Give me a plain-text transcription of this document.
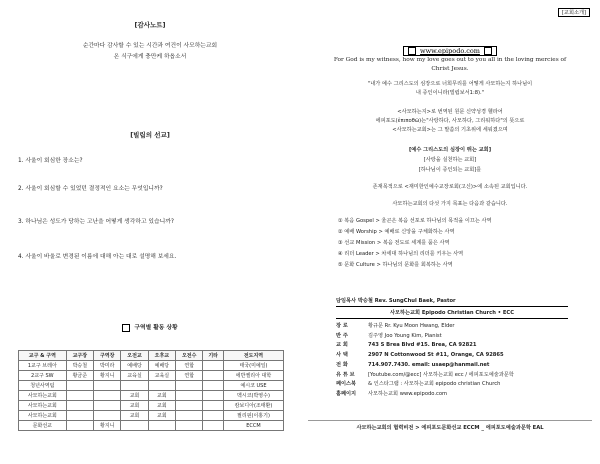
[감사노트]
순간마다 감사할 수 있는 시간과 여건이 사모하는교회
온 식구에게 충만케 하옵소서
[빌립의 선교]
1. 사울이 회심한 장소는?
2. 사울이 회심할 수 있었던 결정적인 요소는 무엇입니까?
3. 하나님은 성도가 당하는 고난을 어떻게 생각하고 있습니까?
4. 사울이 바울로 변경된 이름에 대해 아는 대로 설명해 보세요.
구역별 활동 상황
교구 & 구역	교구장	구역장	오전교	오후교	오전수	기타	전도지역
1교구 브레아	박승철	박미라	예배당	예배당	연합		태국(미예일)
2교구 SW	황금준	황지니	교육실	교육실	연합		에반젤리아 대학
청년사역팀							예시코 USE
사모하는교회			교회	교회			멕시코(박영수)
사모하는교회			교회	교회			캄보디아(조태환)
사모하는교회			교회	교회			필리핀(이홍기)
문화선교		황지니					ECCM
[교회소개]
www.epipodo.com
For God is my witness, how my love goes out to you all in the loving mercies of Christ Jesus.
"내가 예수 그리스도의 심장으로 너희무리를 어떻게 사모하는지 하나님이
내 증인이니라(빌립보서1:8)."
<사모하는지>로 번역된 원문 신약성경 헬라어
에피포도(ἐπιποθῶ)는"사랑하다, 사모하다, 그리워하다"의 뜻으로
<사모하는교회>는 그 말씀의 기초위에 세워졌으며
[예수 그리스도의 심장이 뛰는 교회]
[사랑을 실천하는 교회]
[하나님이 증인되는 교회]를
존재목적으로 <재미한인예수교장로회(고신)>에 소속된 교회입니다.
사모하는교회의 다섯 가지 목표는 다음과 같습니다.
① 복음 Gospel > 울곤은 복음 선포로 하나님의 목적을 이끄는 사역
② 예배 Worship > 예배로 신앙을 구체화하는 사역
③ 선교 Mission > 복음 전도로 세계를 품은 사역
④ 리더 Leader > 차세대 하나님의 리더를 키우는 사역
⑤ 문화 Culture > 하나님의 문화를 회복하는 사역
담임목사 박승철 Rev. SungChul Baek, Pastor
사모하는교회 Epipodo Christian Church • ECC
장 로	황규문 Rr. Kyu Moon Hwang, Elder
반 주	김주영 Joo Young Kim, Pianist
교 회	743 S Brea Blvd #15. Brea, CA 92821
사 택	2907 N Cottonwood St #11, Orange, CA 92865
전 화	714.907.7430. email: usaep@hanmail.net
유 튜 브	[Youtube.com/@ecc] 사모하는교회 ecc / 에피포도예술과문학
페이스북 & 인스타그램 : 사모하는교회 epipodo christian Church
홈페이지 사모하는교회 www.epipodo.com
사모하는교회의 협력비전 > 에피포도문화선교 ECCM _ 에피포도예술과문학 EAL
